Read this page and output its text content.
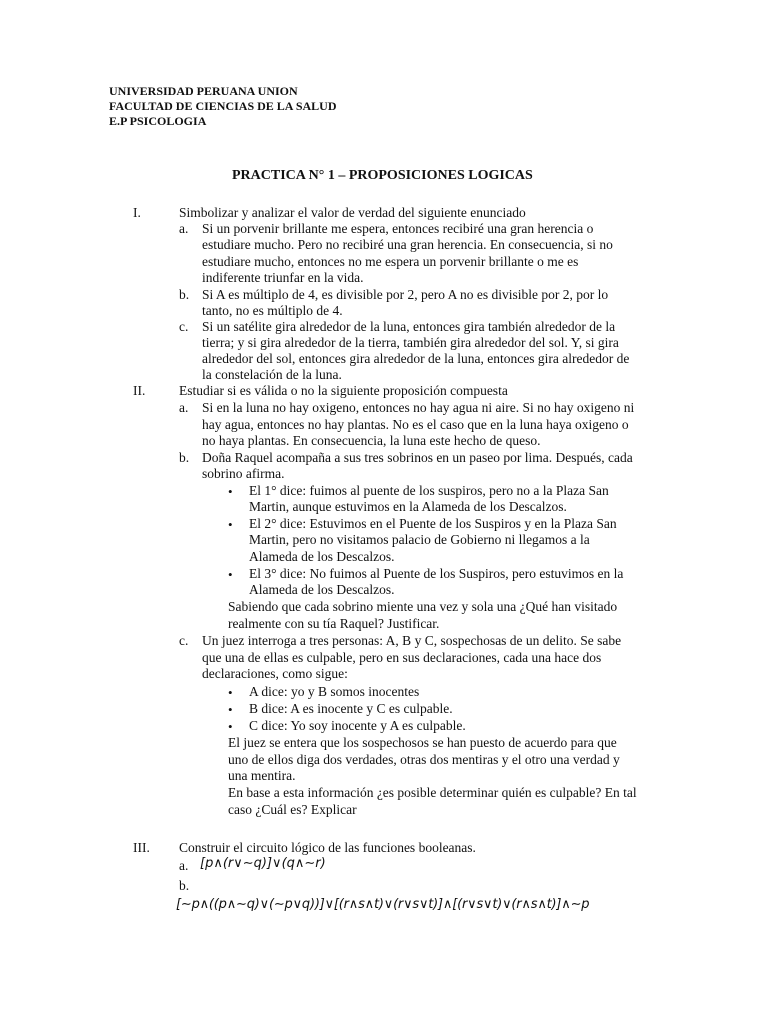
UNIVERSIDAD PERUANA UNION
FACULTAD DE CIENCIAS DE LA SALUD
E.P PSICOLOGIA
PRACTICA N° 1 – PROPOSICIONES LOGICAS
I.	Simbolizar y analizar el valor de verdad del siguiente enunciado
a. Si un porvenir brillante me espera, entonces recibiré una gran herencia o
estudiare mucho. Pero no recibiré una gran herencia. En consecuencia, si no
estudiare mucho, entonces no me espera un porvenir brillante o me es
indiferente triunfar en la vida.
b. Si A es múltiplo de 4, es divisible por 2, pero A no es divisible por 2, por lo
tanto, no es múltiplo de 4.
c. Si un satélite gira alrededor de la luna, entonces gira también alrededor de la
tierra; y si gira alrededor de la tierra, también gira alrededor del sol. Y, si gira
alrededor del sol, entonces gira alrededor de la luna, entonces gira alrededor de
la constelación de la luna.
II. Estudiar si es válida o no la siguiente proposición compuesta
a. Si en la luna no hay oxigeno, entonces no hay agua ni aire. Si no hay oxigeno ni
hay agua, entonces no hay plantas. No es el caso que en la luna haya oxigeno o
no haya plantas. En consecuencia, la luna este hecho de queso.
b. Doña Raquel acompaña a sus tres sobrinos en un paseo por lima. Después, cada
sobrino afirma.
• El 1° dice: fuimos al puente de los suspiros, pero no a la Plaza San
Martin, aunque estuvimos en la Alameda de los Descalzos.
• El 2° dice: Estuvimos en el Puente de los Suspiros y en la Plaza San
Martin, pero no visitamos palacio de Gobierno ni llegamos a la
Alameda de los Descalzos.
• El 3° dice: No fuimos al Puente de los Suspiros, pero estuvimos en la
Alameda de los Descalzos.
Sabiendo que cada sobrino miente una vez y sola una ¿Qué han visitado
realmente con su tía Raquel? Justificar.
c. Un juez interroga a tres personas: A, B y C, sospechosas de un delito. Se sabe
que una de ellas es culpable, pero en sus declaraciones, cada una hace dos
declaraciones, como sigue:
• A dice: yo y B somos inocentes
• B dice: A es inocente y C es culpable.
• C dice: Yo soy inocente y A es culpable.
El juez se entera que los sospechosos se han puesto de acuerdo para que
uno de ellos diga dos verdades, otras dos mentiras y el otro una verdad y
una mentira.
En base a esta información ¿es posible determinar quién es culpable? En tal
caso ¿Cuál es? Explicar
III. Construir el circuito lógico de las funciones booleanas.
a. [p∧(r∨∼q)]∨(q∧∼r)
b.
[∼p∧((p∧∼q)∨(∼p∨q))]∨[(r∧s∧t)∨(r∨s∨t)]∧[(r∨s∨t)∨(r∧s∧t)]∧∼p
